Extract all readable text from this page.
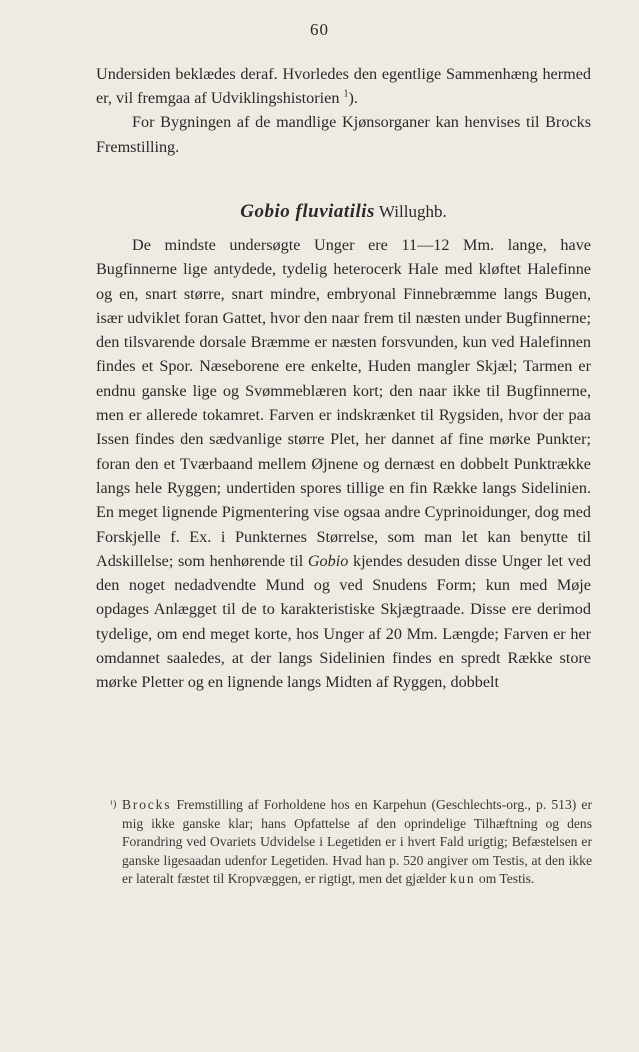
60

Undersiden beklædes deraf. Hvorledes den egentlige Sammenhæng hermed er, vil fremgaa af Udviklingshistorien $^1$).

For Bygningen af de mandlige Kjønsorganer kan henvises til Brocks Fremstilling.

Gobio fluviatilis Willughb.

De mindste undersøgte Unger ere 11—12 Mm. lange, have Bugfinnerne lige antydede, tydelig heterocerk Hale med kløftet Halefinne og en, snart større, snart mindre, embryonal Finnebræmme langs Bugen, især udviklet foran Gattet, hvor den naar frem til næsten under Bugfinnerne; den tilsvarende dorsale Bræmme er næsten forsvunden, kun ved Halefinnen findes et Spor. Næseborene ere enkelte, Huden mangler Skjæl; Tarmen er endnu ganske lige og Svømmeblæren kort; den naar ikke til Bugfinnerne, men er allerede tokamret. Farven er indskrænket til Rygsiden, hvor der paa Issen findes den sædvanlige større Plet, her dannet af fine mørke Punkter; foran den et Tværbaand mellem Øjnene og dernæst en dobbelt Punktrække langs hele Ryggen; undertiden spores tillige en fin Række langs Sidelinien. En meget lignende Pigmentering vise ogsaa andre Cyprinoidunger, dog med Forskjelle f. Ex. i Punkternes Størrelse, som man let kan benytte til Adskillelse; som henhørende til Gobio kjendes desuden disse Unger let ved den noget nedadvendte Mund og ved Snudens Form; kun med Møje opdages Anlægget til de to karakteristiske Skjægtraade. Disse ere derimod tydelige, om end meget korte, hos Unger af 20 Mm. Længde; Farven er her omdannet saaledes, at der langs Sidelinien findes en spredt Række store mørke Pletter og en lignende langs Midten af Ryggen, dobbelt

¹) Brocks Fremstilling af Forholdene hos en Karpehun (Geschlechts-org., p. 513) er mig ikke ganske klar; hans Opfattelse af den oprindelige Tilhæftning og dens Forandring ved Ovariets Udvidelse i Legetiden er i hvert Fald urigtig; Befæstelsen er ganske ligesaadan udenfor Legetiden. Hvad han p. 520 angiver om Testis, at den ikke er lateralt fæstet til Kropvæggen, er rigtigt, men det gjælder kun om Testis.
